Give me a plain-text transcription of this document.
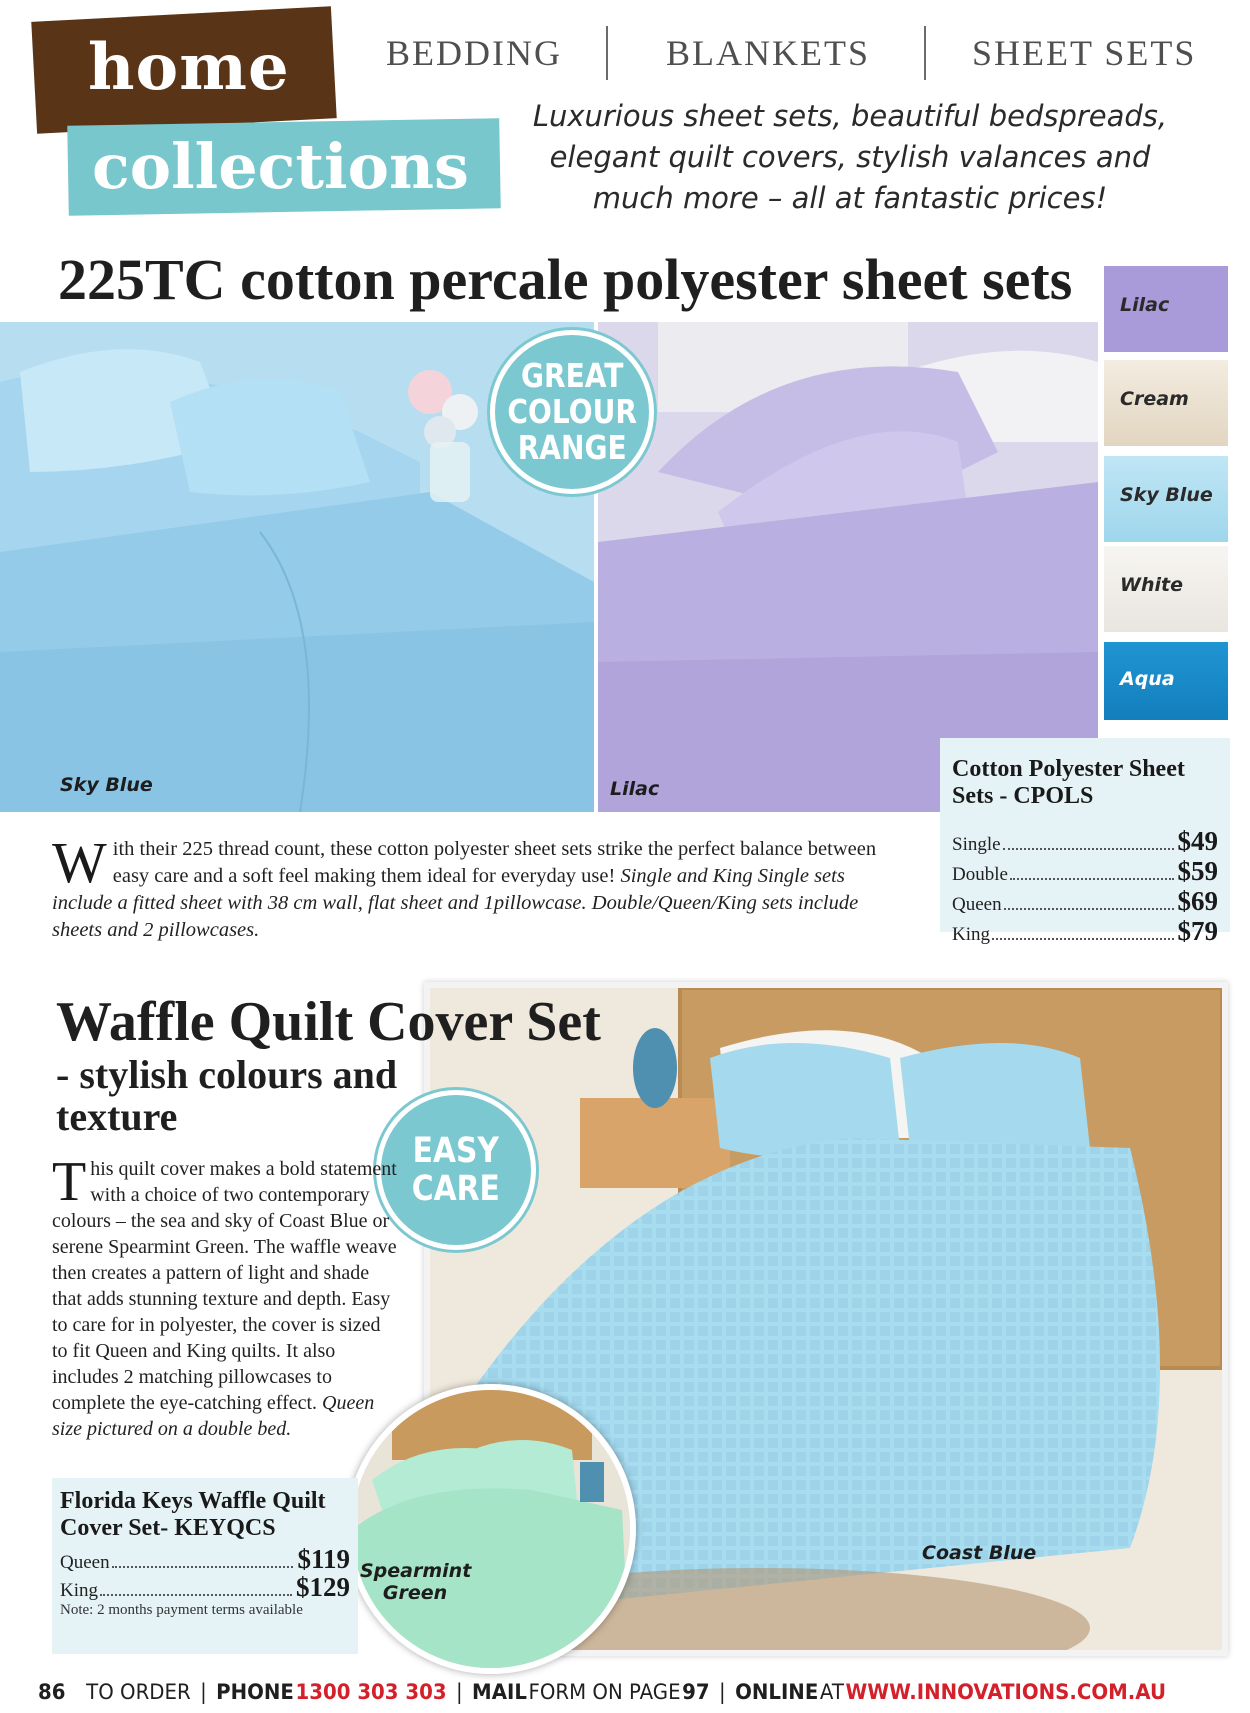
home
collections
BEDDING	BLANKETS	SHEET SETS
Luxurious sheet sets, beautiful bedspreads, elegant quilt covers, stylish valances and much more – all at fantastic prices!
225TC cotton percale polyester sheet sets
Sky Blue	Lilac
GREAT
COLOUR
RANGE
Lilac
Cream
Sky Blue
White
Aqua
Cotton Polyester Sheet Sets - CPOLS
Single	$49
Double	$59
Queen	$69
King	$79
With their 225 thread count, these cotton polyester sheet sets strike the perfect balance between easy care and a soft feel making them ideal for everyday use! Single and King Single sets include a fitted sheet with 38 cm wall, flat sheet and 1pillowcase. Double/Queen/King sets include sheets and 2 pillowcases.
Coast Blue
Waffle Quilt Cover Set
- stylish colours and texture
EASY
CARE
This quilt cover makes a bold statement with a choice of two contemporary colours – the sea and sky of Coast Blue or serene Spearmint Green. The waffle weave then creates a pattern of light and shade that adds stunning texture and depth. Easy to care for in polyester, the cover is sized to fit Queen and King quilts. It also includes 2 matching pillowcases to complete the eye-catching effect. Queen size pictured on a double bed.
Spearmint
Green
Florida Keys Waffle Quilt Cover Set- KEYQCS
Queen	$119
King	$129
Note: 2 months payment terms available
86 TO ORDER | PHONE 1300 303 303 | MAIL FORM ON PAGE 97 | ONLINE AT WWW.INNOVATIONS.COM.AU
